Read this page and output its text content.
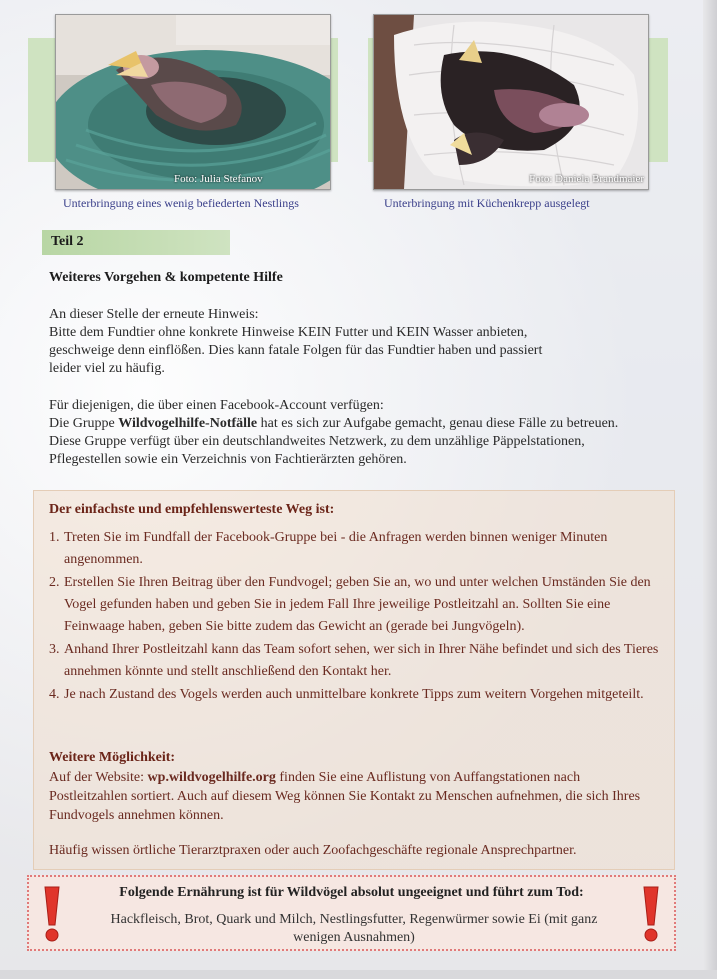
Foto: Julia Stefanov	Foto: Daniela Brandmaier
Unterbringung eines wenig befiederten Nestlings	Unterbringung mit Küchenkrepp ausgelegt
Teil 2
Weiteres Vorgehen & kompetente Hilfe
An dieser Stelle der erneute Hinweis:
Bitte dem Fundtier ohne konkrete Hinweise KEIN Futter und KEIN Wasser anbieten,
geschweige denn einflößen. Dies kann fatale Folgen für das Fundtier haben und passiert
leider viel zu häufig.
Für diejenigen, die über einen Facebook-Account verfügen:
Die Gruppe Wildvogelhilfe-Notfälle hat es sich zur Aufgabe gemacht, genau diese Fälle zu betreuen.
Diese Gruppe verfügt über ein deutschlandweites Netzwerk, zu dem unzählige Päppelstationen,
Pflegestellen sowie ein Verzeichnis von Fachtierärzten gehören.
Der einfachste und empfehlenswerteste Weg ist:
1. Treten Sie im Fundfall der Facebook-Gruppe bei - die Anfragen werden binnen weniger Minuten angenommen.
2. Erstellen Sie Ihren Beitrag über den Fundvogel; geben Sie an, wo und unter welchen Umständen Sie den Vogel gefunden haben und geben Sie in jedem Fall Ihre jeweilige Postleitzahl an. Sollten Sie eine Feinwaage haben, geben Sie bitte zudem das Gewicht an (gerade bei Jungvögeln).
3. Anhand Ihrer Postleitzahl kann das Team sofort sehen, wer sich in Ihrer Nähe befindet und sich des Tieres annehmen könnte und stellt anschließend den Kontakt her.
4. Je nach Zustand des Vogels werden auch unmittelbare konkrete Tipps zum weitern Vorgehen mitgeteilt.
Weitere Möglichkeit:
Auf der Website: wp.wildvogelhilfe.org finden Sie eine Auflistung von Auffangstationen nach Postleitzahlen sortiert. Auch auf diesem Weg können Sie Kontakt zu Menschen aufnehmen, die sich Ihres Fundvogels annehmen können.
Häufig wissen örtliche Tierarztpraxen oder auch Zoofachgeschäfte regionale Ansprechpartner.
Folgende Ernährung ist für Wildvögel absolut ungeeignet und führt zum Tod:
Hackfleisch, Brot, Quark und Milch, Nestlingsfutter, Regenwürmer sowie Ei (mit ganz wenigen Ausnahmen)
